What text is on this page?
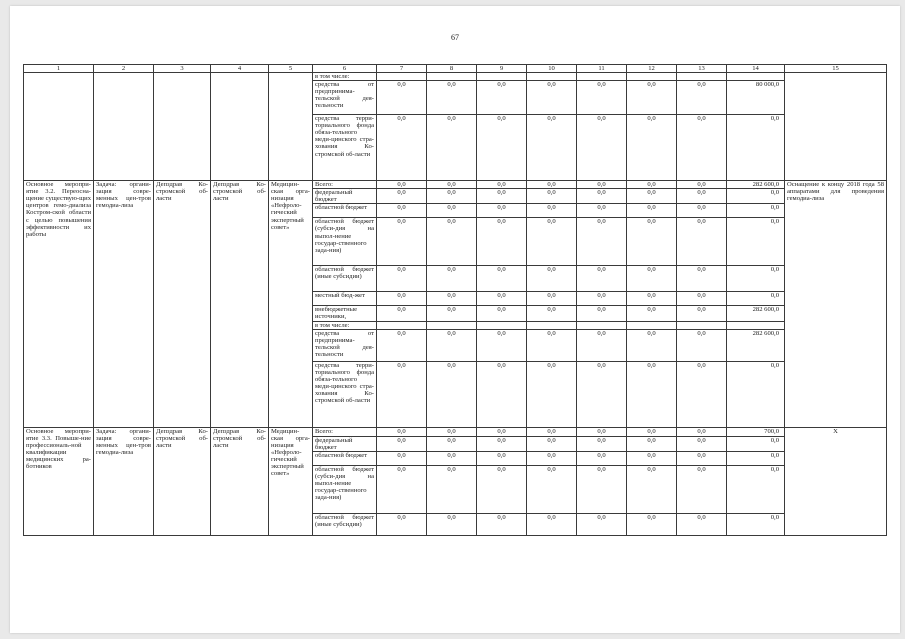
67
1	2	3	4	5	6	7	8	9	10	11	12	13	14	15
					в том числе:									
					средства от предпринима-тельской дея-тельности	0,0	0,0	0,0	0,0	0,0	0,0	0,0	80 000,0	
					средства терри-ториального фонда обяза-тельного меди-цинского стра-хования Ко-стромской об-ласти	0,0	0,0	0,0	0,0	0,0	0,0	0,0	0,0	
Основное меропри-ятие 3.2. Переосна-щение существую-щих центров гемо-диализа Костром-ской области с целью повышения эффективности их работы	Задача: органи-зация совре-менных цен-тров гемодиа-лиза	Депздрав Ко-стромской об-ласти	Депздрав Ко-стромской об-ласти	Медицин-ская орга-низация «Нефроло-гический экспертный совет»	Всего:	0,0	0,0	0,0	0,0	0,0	0,0	0,0	282 600,0	Оснащение к концу 2018 года 58 аппаратами для проведения гемодиа-лиза
					федеральный бюджет	0,0	0,0	0,0	0,0	0,0	0,0	0,0	0,0	
					областной бюджет	0,0	0,0	0,0	0,0	0,0	0,0	0,0	0,0	
					областной бюджет (субси-дия на выпол-нение государ-ственного зада-ния)	0,0	0,0	0,0	0,0	0,0	0,0	0,0	0,0	
					областной бюджет (иные субсидии)	0,0	0,0	0,0	0,0	0,0	0,0	0,0	0,0	
					местный бюд-жет	0,0	0,0	0,0	0,0	0,0	0,0	0,0	0,0	
					внебюджетные источники,	0,0	0,0	0,0	0,0	0,0	0,0	0,0	282 600,0	
					в том числе:									
					средства от предпринима-тельской дея-тельности	0,0	0,0	0,0	0,0	0,0	0,0	0,0	282 600,0	
					средства терри-ториального фонда обяза-тельного меди-цинского стра-хования Ко-стромской об-ласти	0,0	0,0	0,0	0,0	0,0	0,0	0,0	0,0	
Основное меропри-ятие 3.3. Повыше-ние профессиональ-ной квалификации медицинских ра-ботников	Задача: органи-зация совре-менных цен-тров гемодиа-лиза	Депздрав Ко-стромской об-ласти	Депздрав Ко-стромской об-ласти	Медицин-ская орга-низация «Нефроло-гический экспертный совет»	Всего:	0,0	0,0	0,0	0,0	0,0	0,0	0,0	700,0	Х
					федеральный бюджет	0,0	0,0	0,0	0,0	0,0	0,0	0,0	0,0	
					областной бюджет	0,0	0,0	0,0	0,0	0,0	0,0	0,0	0,0	
					областной бюджет (субси-дия на выпол-нение государ-ственного зада-ния)	0,0	0,0	0,0	0,0	0,0	0,0	0,0	0,0	
					областной бюджет (иные субсидии)	0,0	0,0	0,0	0,0	0,0	0,0	0,0	0,0	
